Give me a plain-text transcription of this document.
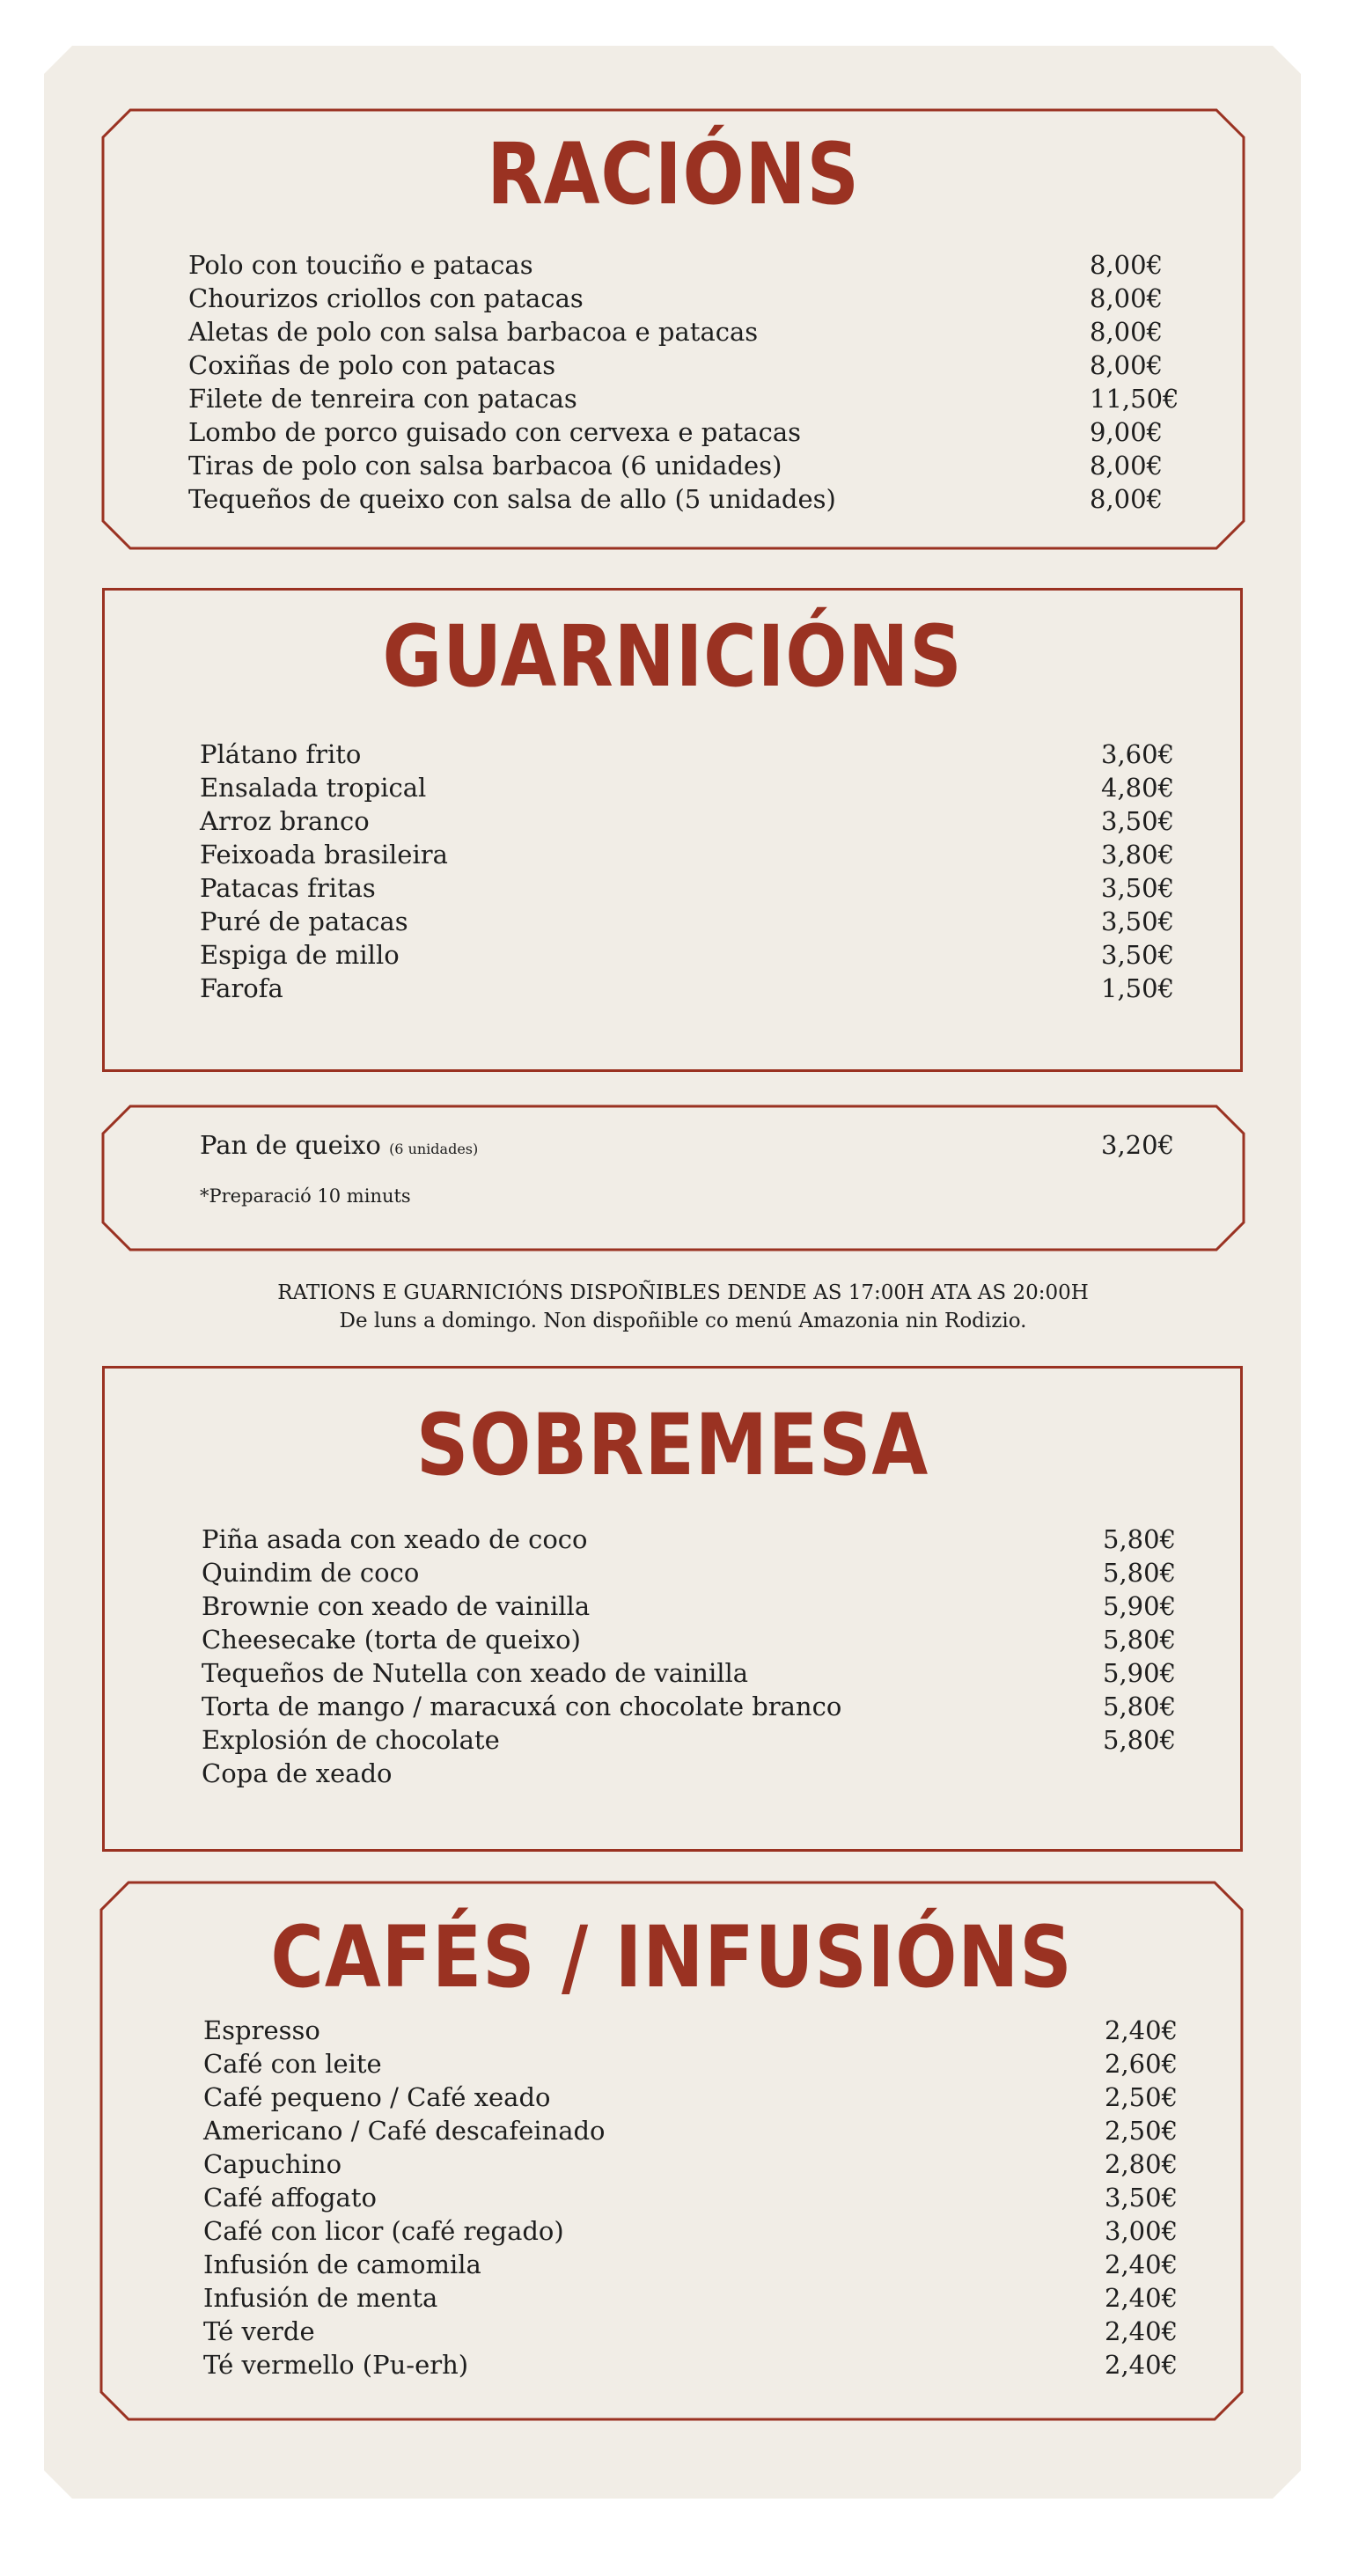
RACIÓNS
Polo con touciño e patacas	8,00€
Chourizos criollos con patacas	8,00€
Aletas de polo con salsa barbacoa e patacas	8,00€
Coxiñas de polo con patacas	8,00€
Filete de tenreira con patacas	11,50€
Lombo de porco guisado con cervexa e patacas	9,00€
Tiras de polo con salsa barbacoa (6 unidades)	8,00€
Tequeños de queixo con salsa de allo (5 unidades)	8,00€
GUARNICIÓNS
Plátano frito	3,60€
Ensalada tropical	4,80€
Arroz branco	3,50€
Feixoada brasileira	3,80€
Patacas fritas	3,50€
Puré de patacas	3,50€
Espiga de millo	3,50€
Farofa	1,50€
Pan de queixo (6 unidades)	3,20€
*Preparació 10 minuts
RATIONS E GUARNICIÓNS DISPOÑIBLES DENDE AS 17:00H ATA AS 20:00H
De luns a domingo. Non dispoñible co menú Amazonia nin Rodizio.
SOBREMESA
Piña asada con xeado de coco	5,80€
Quindim de coco	5,80€
Brownie con xeado de vainilla	5,90€
Cheesecake (torta de queixo)	5,80€
Tequeños de Nutella con xeado de vainilla	5,90€
Torta de mango / maracuxá con chocolate branco	5,80€
Explosión de chocolate	5,80€
Copa de xeado
CAFÉS / INFUSIÓNS
Espresso	2,40€
Café con leite	2,60€
Café pequeno / Café xeado	2,50€
Americano / Café descafeinado	2,50€
Capuchino	2,80€
Café affogato	3,50€
Café con licor (café regado)	3,00€
Infusión de camomila	2,40€
Infusión de menta	2,40€
Té verde	2,40€
Té vermello (Pu-erh)	2,40€
